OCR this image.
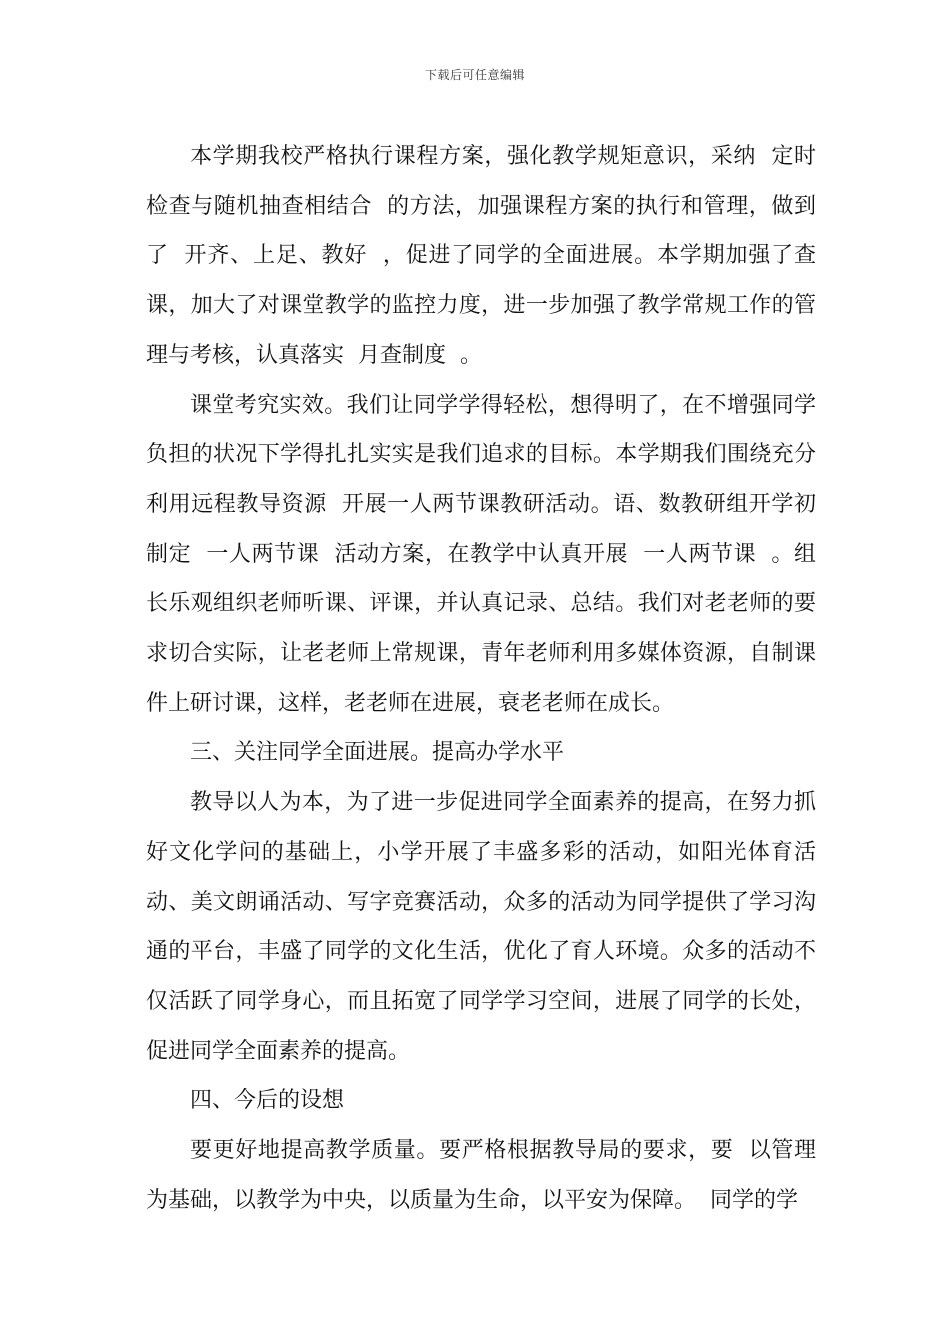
下载后可任意编辑

本学期我校严格执行课程方案，强化教学规矩意识，采纳  定时检查与随机抽查相结合  的方法，加强课程方案的执行和管理，做到了  开齐、上足、教好  ，促进了同学的全面进展。本学期加强了查课，加大了对课堂教学的监控力度，进一步加强了教学常规工作的管理与考核，认真落实  月查制度  。

课堂考究实效。我们让同学学得轻松，想得明了，在不增强同学负担的状况下学得扎扎实实是我们追求的目标。本学期我们围绕充分利用远程教导资源  开展一人两节课教研活动。语、数教研组开学初制定  一人两节课  活动方案，在教学中认真开展  一人两节课  。组长乐观组织老师听课、评课，并认真记录、总结。我们对老老师的要求切合实际，让老老师上常规课，青年老师利用多媒体资源，自制课件上研讨课，这样，老老师在进展，衰老老师在成长。

三、关注同学全面进展。提高办学水平

教导以人为本，为了进一步促进同学全面素养的提高，在努力抓好文化学问的基础上，小学开展了丰盛多彩的活动，如阳光体育活动、美文朗诵活动、写字竞赛活动，众多的活动为同学提供了学习沟通的平台，丰盛了同学的文化生活，优化了育人环境。众多的活动不仅活跃了同学身心，而且拓宽了同学学习空间，进展了同学的长处，促进同学全面素养的提高。

四、今后的设想

要更好地提高教学质量。要严格根据教导局的要求，要  以管理为基础，以教学为中央，以质量为生命，以平安为保障。  同学的学
